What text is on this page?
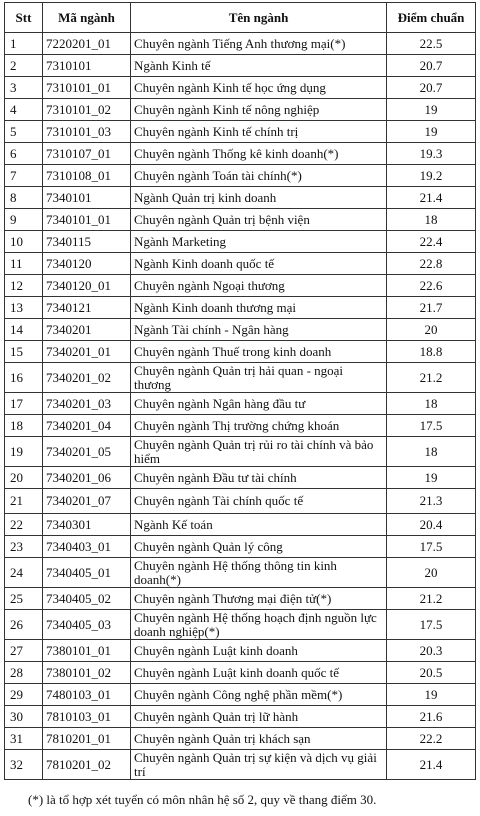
Stt	Mã ngành	Tên ngành	Điểm chuẩn
1	7220201_01	Chuyên ngành Tiếng Anh thương mại(*)	22.5
2	7310101	Ngành Kinh tế	20.7
3	7310101_01	Chuyên ngành Kinh tế học ứng dụng	20.7
4	7310101_02	Chuyên ngành Kinh tế nông nghiệp	19
5	7310101_03	Chuyên ngành Kinh tế chính trị	19
6	7310107_01	Chuyên ngành Thống kê kinh doanh(*)	19.3
7	7310108_01	Chuyên ngành Toán tài chính(*)	19.2
8	7340101	Ngành Quản trị kinh doanh	21.4
9	7340101_01	Chuyên ngành Quản trị bệnh viện	18
10	7340115	Ngành Marketing	22.4
11	7340120	Ngành Kinh doanh quốc tế	22.8
12	7340120_01	Chuyên ngành Ngoại thương	22.6
13	7340121	Ngành Kinh doanh thương mại	21.7
14	7340201	Ngành Tài chính - Ngân hàng	20
15	7340201_01	Chuyên ngành Thuế trong kinh doanh	18.8
16	7340201_02	Chuyên ngành Quản trị hải quan - ngoại thương	21.2
17	7340201_03	Chuyên ngành Ngân hàng đầu tư	18
18	7340201_04	Chuyên ngành Thị trường chứng khoán	17.5
19	7340201_05	Chuyên ngành Quản trị rủi ro tài chính và bảo hiểm	18
20	7340201_06	Chuyên ngành Đầu tư tài chính	19
21	7340201_07	Chuyên ngành Tài chính quốc tế	21.3
22	7340301	Ngành Kế toán	20.4
23	7340403_01	Chuyên ngành Quản lý công	17.5
24	7340405_01	Chuyên ngành Hệ thống thông tin kinh doanh(*)	20
25	7340405_02	Chuyên ngành Thương mại điện tử(*)	21.2
26	7340405_03	Chuyên ngành Hệ thống hoạch định nguồn lực doanh nghiệp(*)	17.5
27	7380101_01	Chuyên ngành Luật kinh doanh	20.3
28	7380101_02	Chuyên ngành Luật kinh doanh quốc tế	20.5
29	7480103_01	Chuyên ngành Công nghệ phần mềm(*)	19
30	7810103_01	Chuyên ngành Quản trị lữ hành	21.6
31	7810201_01	Chuyên ngành Quản trị khách sạn	22.2
32	7810201_02	Chuyên ngành Quản trị sự kiện và dịch vụ giải trí	21.4
(*) là tổ hợp xét tuyển có môn nhân hệ số 2, quy về thang điểm 30.
